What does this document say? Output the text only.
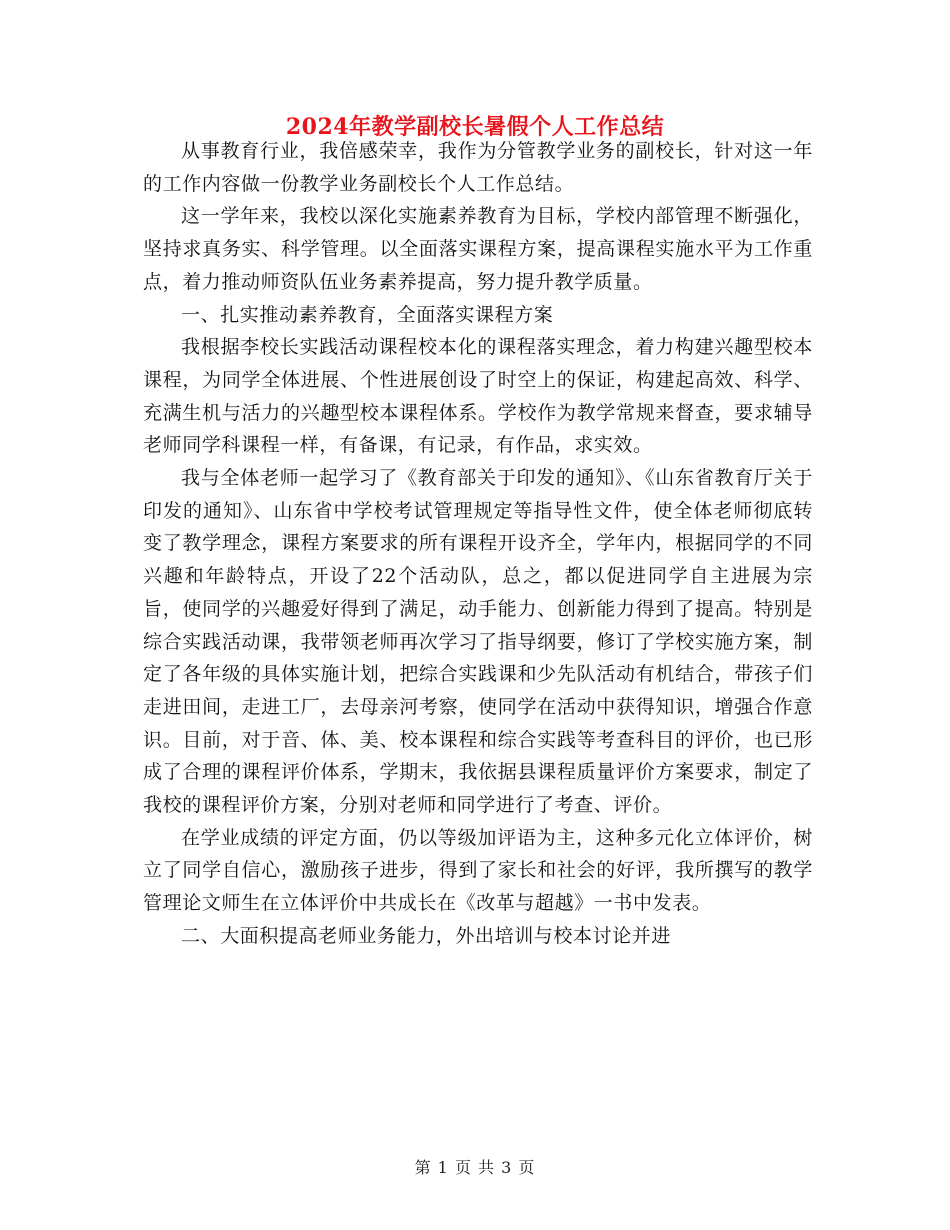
2024年教学副校长暑假个人工作总结

从事教育行业，我倍感荣幸，我作为分管教学业务的副校长，针对这一年的工作内容做一份教学业务副校长个人工作总结。

这一学年来，我校以深化实施素养教育为目标，学校内部管理不断强化，坚持求真务实、科学管理。以全面落实课程方案，提高课程实施水平为工作重点，着力推动师资队伍业务素养提高，努力提升教学质量。

一、扎实推动素养教育，全面落实课程方案

我根据李校长实践活动课程校本化的课程落实理念，着力构建兴趣型校本课程，为同学全体进展、个性进展创设了时空上的保证，构建起高效、科学、充满生机与活力的兴趣型校本课程体系。学校作为教学常规来督查，要求辅导老师同学科课程一样，有备课，有记录，有作品，求实效。

我与全体老师一起学习了《教育部关于印发的通知》、《山东省教育厅关于印发的通知》、山东省中学校考试管理规定等指导性文件，使全体老师彻底转变了教学理念，课程方案要求的所有课程开设齐全，学年内，根据同学的不同兴趣和年龄特点，开设了22个活动队，总之，都以促进同学自主进展为宗旨，使同学的兴趣爱好得到了满足，动手能力、创新能力得到了提高。特别是综合实践活动课，我带领老师再次学习了指导纲要，修订了学校实施方案，制定了各年级的具体实施计划，把综合实践课和少先队活动有机结合，带孩子们走进田间，走进工厂，去母亲河考察，使同学在活动中获得知识，增强合作意识。目前，对于音、体、美、校本课程和综合实践等考查科目的评价，也已形成了合理的课程评价体系，学期末，我依据县课程质量评价方案要求，制定了我校的课程评价方案，分别对老师和同学进行了考查、评价。

在学业成绩的评定方面，仍以等级加评语为主，这种多元化立体评价，树立了同学自信心，激励孩子进步，得到了家长和社会的好评，我所撰写的教学管理论文师生在立体评价中共成长在《改革与超越》一书中发表。

二、大面积提高老师业务能力，外出培训与校本讨论并进

第 1 页 共 3 页
